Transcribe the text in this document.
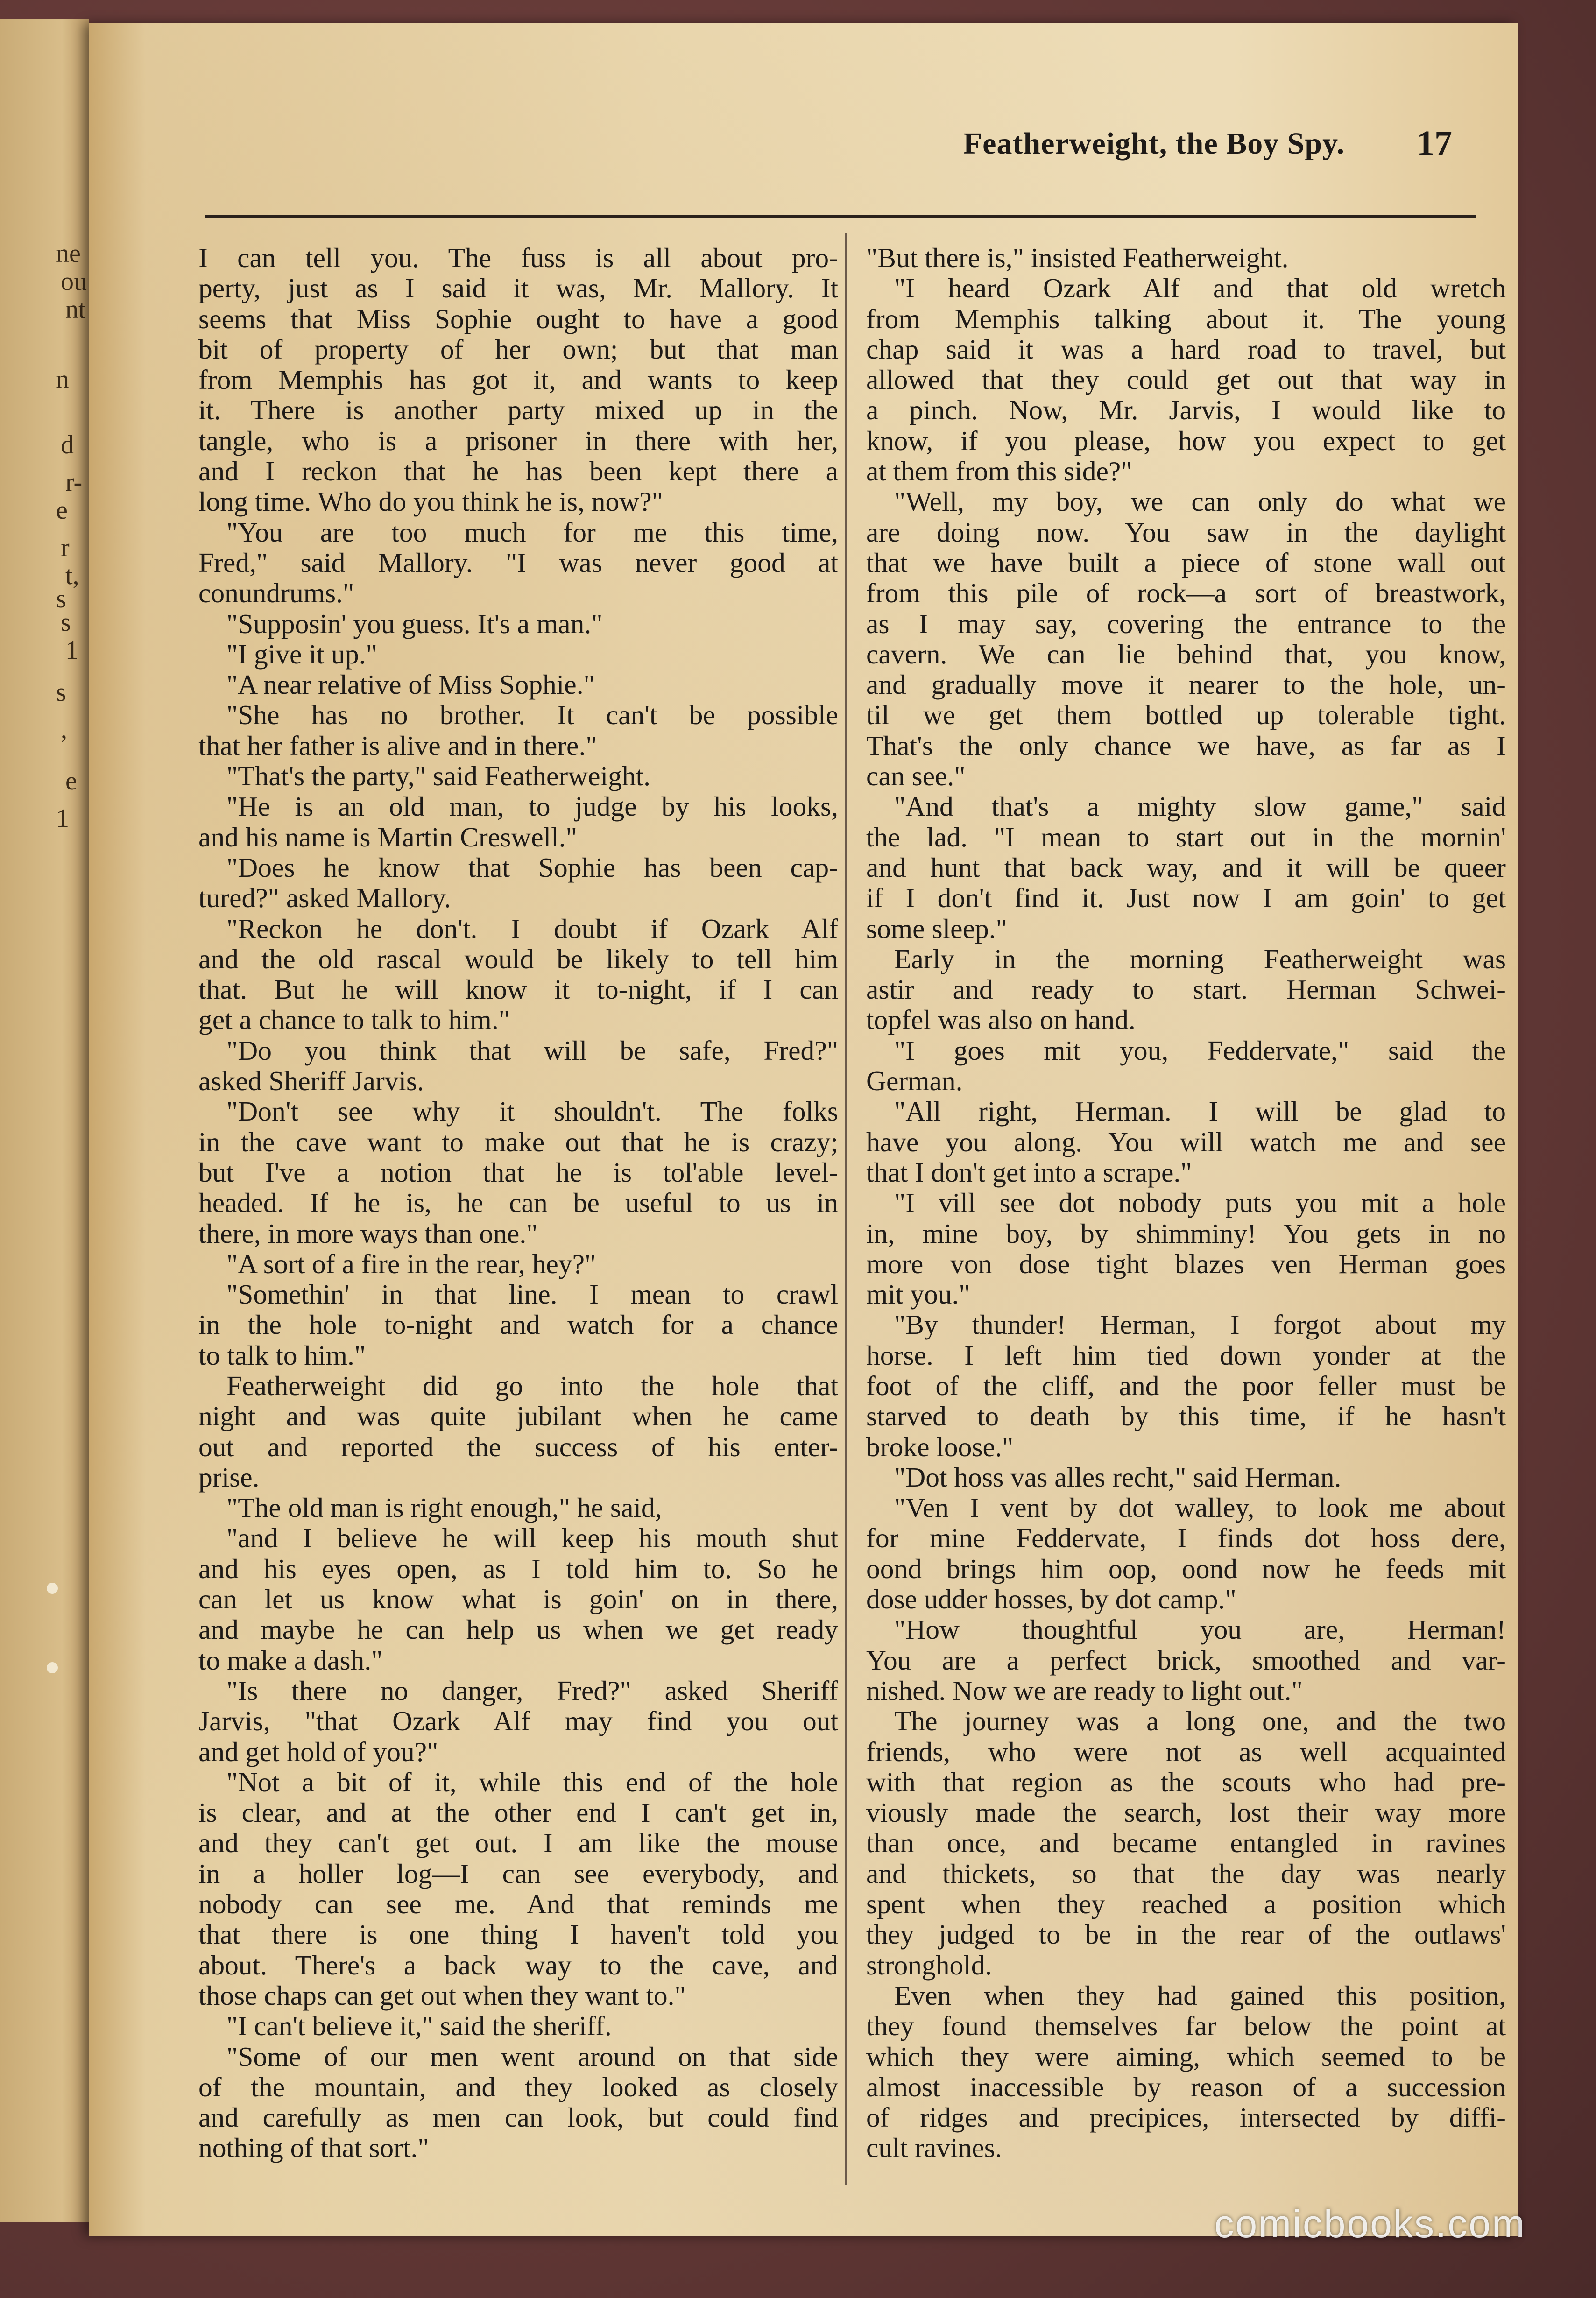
ne
ou
nt
n
d
r-
e
r
t,
s
s
1
s
,
e
1
Featherweight, the Boy Spy. 17
I can tell you. The fuss is all about pro-
perty, just as I said it was, Mr. Mallory. It
seems that Miss Sophie ought to have a good
bit of property of her own; but that man
from Memphis has got it, and wants to keep
it. There is another party mixed up in the
tangle, who is a prisoner in there with her,
and I reckon that he has been kept there a
long time. Who do you think he is, now?"
"You are too much for me this time,
Fred," said Mallory. "I was never good at
conundrums."
"Supposin' you guess. It's a man."
"I give it up."
"A near relative of Miss Sophie."
"She has no brother. It can't be possible
that her father is alive and in there."
"That's the party," said Featherweight.
"He is an old man, to judge by his looks,
and his name is Martin Creswell."
"Does he know that Sophie has been cap-
tured?" asked Mallory.
"Reckon he don't. I doubt if Ozark Alf
and the old rascal would be likely to tell him
that. But he will know it to-night, if I can
get a chance to talk to him."
"Do you think that will be safe, Fred?"
asked Sheriff Jarvis.
"Don't see why it shouldn't. The folks
in the cave want to make out that he is crazy;
but I've a notion that he is tol'able level-
headed. If he is, he can be useful to us in
there, in more ways than one."
"A sort of a fire in the rear, hey?"
"Somethin' in that line. I mean to crawl
in the hole to-night and watch for a chance
to talk to him."
Featherweight did go into the hole that
night and was quite jubilant when he came
out and reported the success of his enter-
prise.
"The old man is right enough," he said,
"and I believe he will keep his mouth shut
and his eyes open, as I told him to. So he
can let us know what is goin' on in there,
and maybe he can help us when we get ready
to make a dash."
"Is there no danger, Fred?" asked Sheriff
Jarvis, "that Ozark Alf may find you out
and get hold of you?"
"Not a bit of it, while this end of the hole
is clear, and at the other end I can't get in,
and they can't get out. I am like the mouse
in a holler log—I can see everybody, and
nobody can see me. And that reminds me
that there is one thing I haven't told you
about. There's a back way to the cave, and
those chaps can get out when they want to."
"I can't believe it," said the sheriff.
"Some of our men went around on that side
of the mountain, and they looked as closely
and carefully as men can look, but could find
nothing of that sort."
"But there is," insisted Featherweight.
"I heard Ozark Alf and that old wretch
from Memphis talking about it. The young
chap said it was a hard road to travel, but
allowed that they could get out that way in
a pinch. Now, Mr. Jarvis, I would like to
know, if you please, how you expect to get
at them from this side?"
"Well, my boy, we can only do what we
are doing now. You saw in the daylight
that we have built a piece of stone wall out
from this pile of rock—a sort of breastwork,
as I may say, covering the entrance to the
cavern. We can lie behind that, you know,
and gradually move it nearer to the hole, un-
til we get them bottled up tolerable tight.
That's the only chance we have, as far as I
can see."
"And that's a mighty slow game," said
the lad. "I mean to start out in the mornin'
and hunt that back way, and it will be queer
if I don't find it. Just now I am goin' to get
some sleep."
Early in the morning Featherweight was
astir and ready to start. Herman Schwei-
topfel was also on hand.
"I goes mit you, Feddervate," said the
German.
"All right, Herman. I will be glad to
have you along. You will watch me and see
that I don't get into a scrape."
"I vill see dot nobody puts you mit a hole
in, mine boy, by shimminy! You gets in no
more von dose tight blazes ven Herman goes
mit you."
"By thunder! Herman, I forgot about my
horse. I left him tied down yonder at the
foot of the cliff, and the poor feller must be
starved to death by this time, if he hasn't
broke loose."
"Dot hoss vas alles recht," said Herman.
"Ven I vent by dot walley, to look me about
for mine Feddervate, I finds dot hoss dere,
oond brings him oop, oond now he feeds mit
dose udder hosses, by dot camp."
"How thoughtful you are, Herman!
You are a perfect brick, smoothed and var-
nished. Now we are ready to light out."
The journey was a long one, and the two
friends, who were not as well acquainted
with that region as the scouts who had pre-
viously made the search, lost their way more
than once, and became entangled in ravines
and thickets, so that the day was nearly
spent when they reached a position which
they judged to be in the rear of the outlaws'
stronghold.
Even when they had gained this position,
they found themselves far below the point at
which they were aiming, which seemed to be
almost inaccessible by reason of a succession
of ridges and precipices, intersected by diffi-
cult ravines.
comicbooks.com
